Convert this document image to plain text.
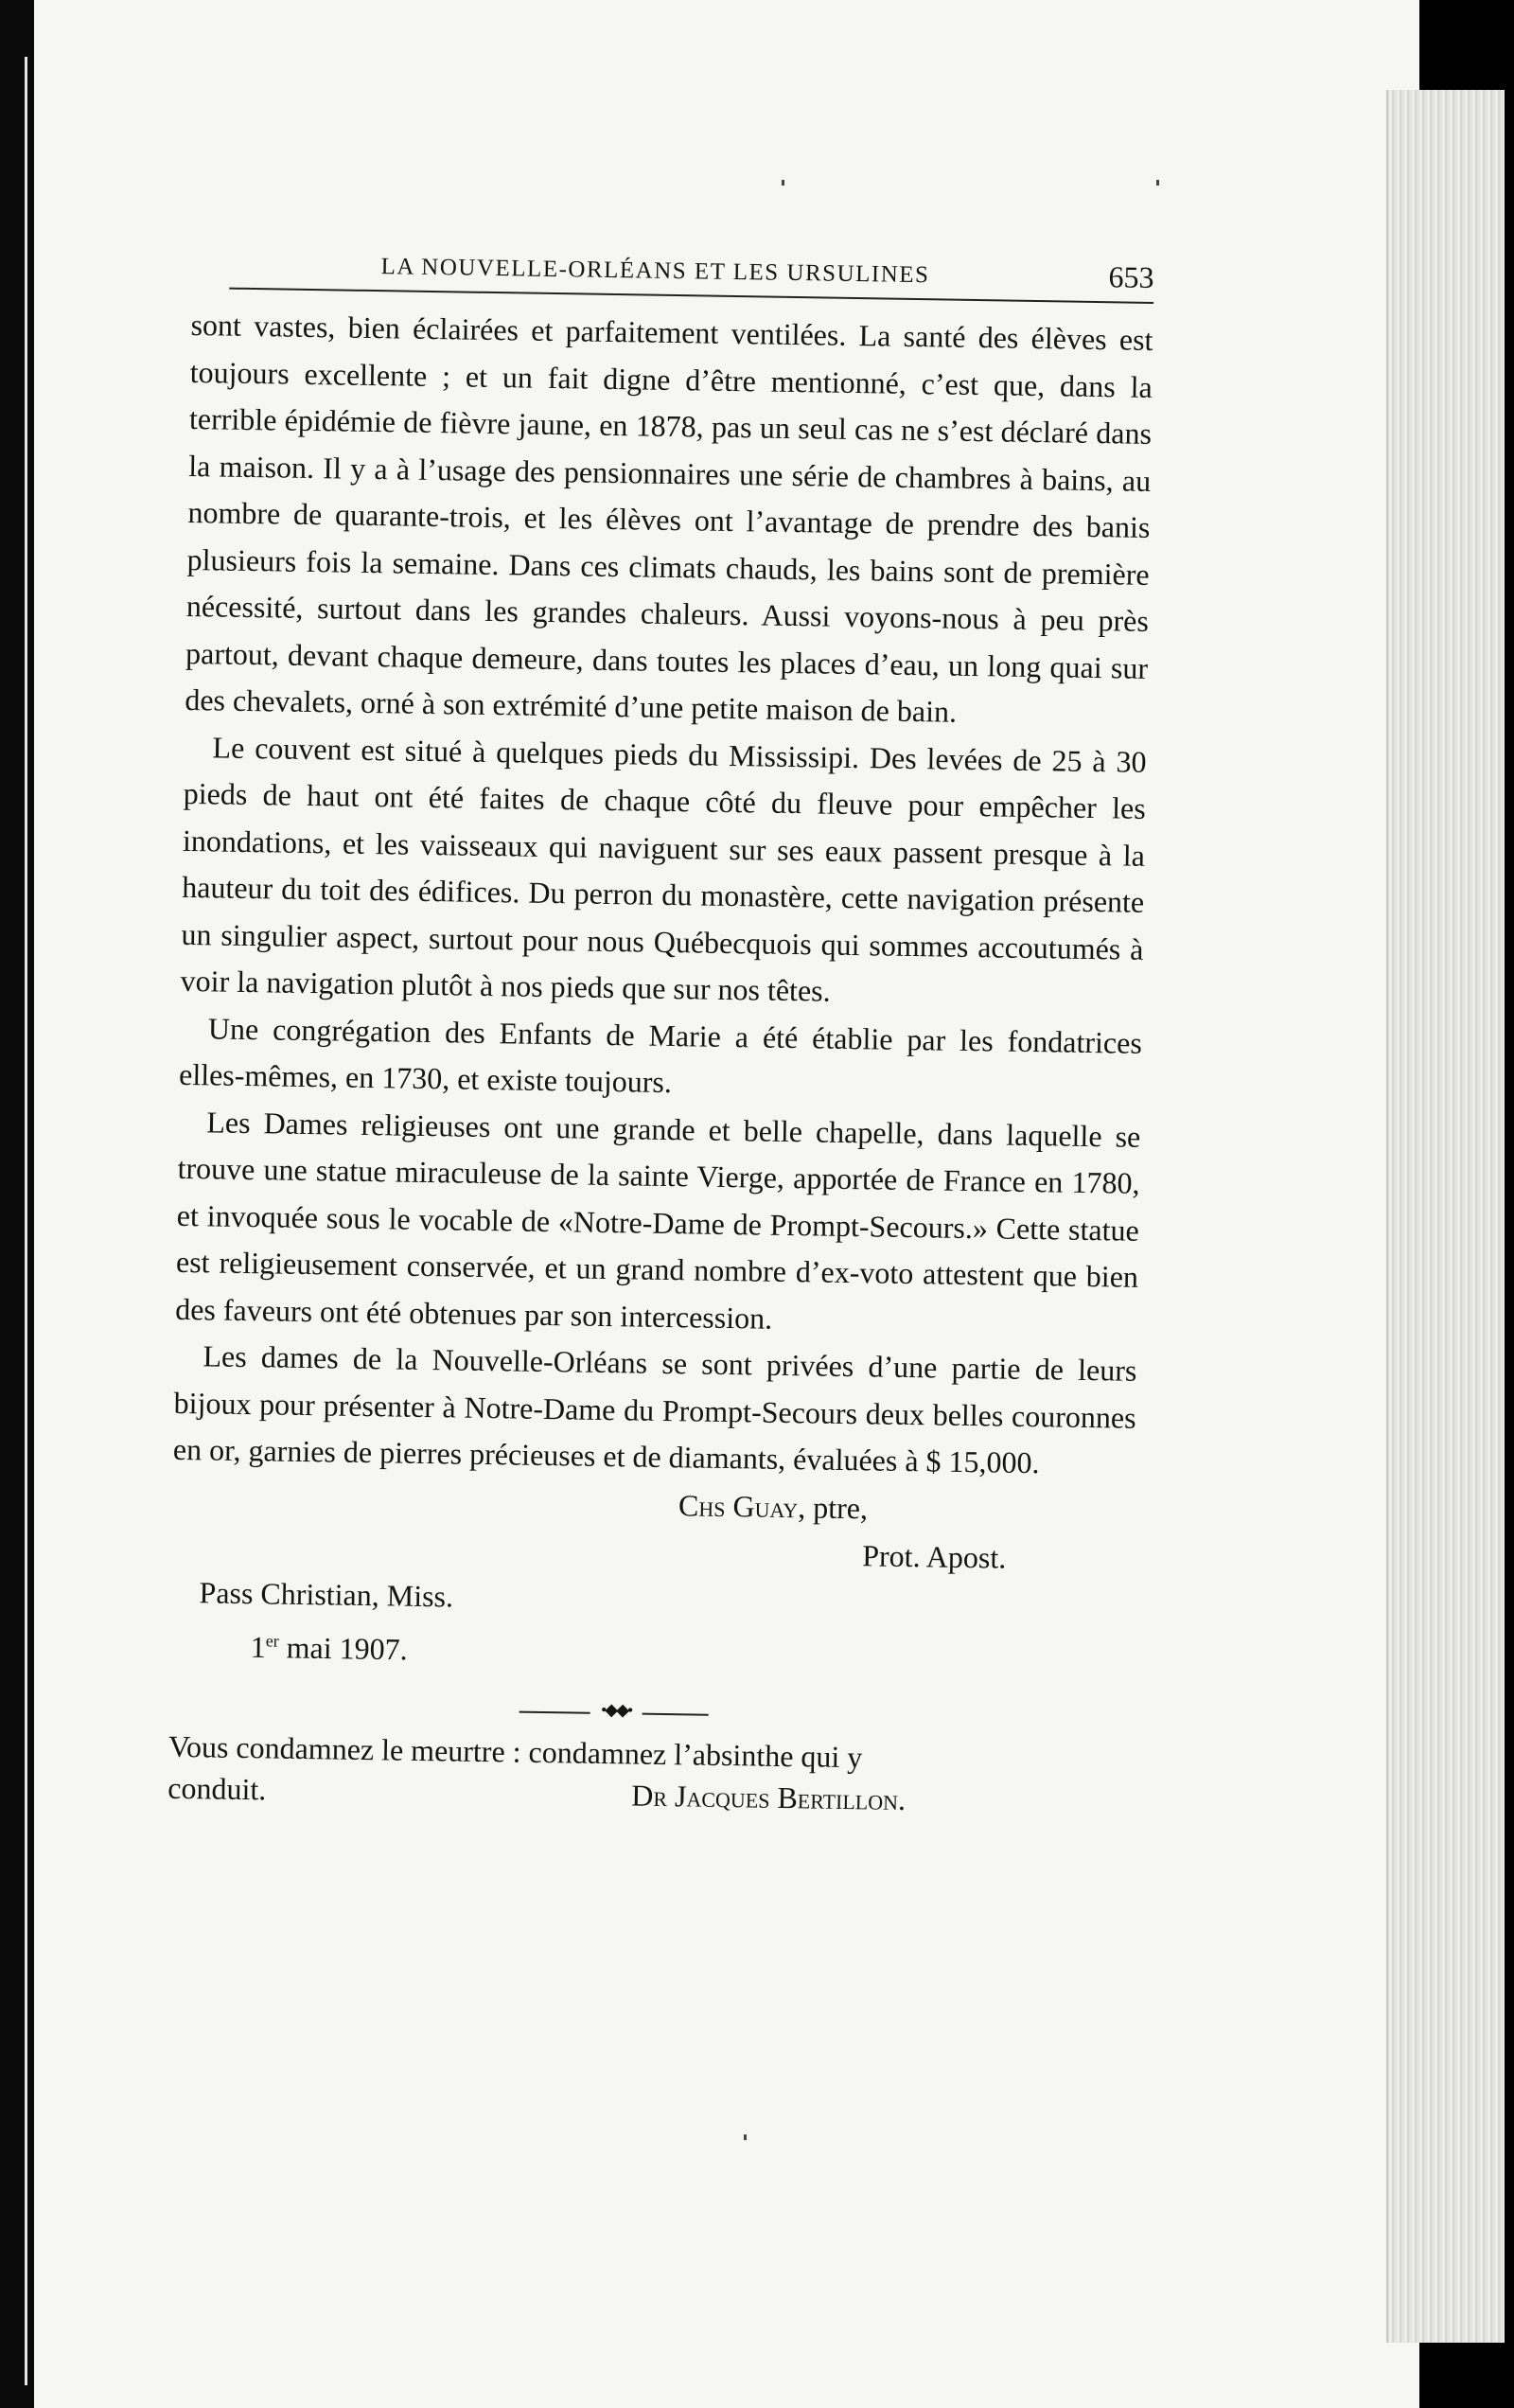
LA NOUVELLE-ORLÉANS ET LES URSULINES	653

sont vastes, bien éclairées et parfaitement ventilées. La santé des élèves est toujours excellente ; et un fait digne d’être mentionné, c’est que, dans la terrible épidémie de fièvre jaune, en 1878, pas un seul cas ne s’est déclaré dans la maison. Il y a à l’usage des pensionnaires une série de chambres à bains, au nombre de quarante-trois, et les élèves ont l’avantage de prendre des banis plusieurs fois la semaine. Dans ces climats chauds, les bains sont de première nécessité, surtout dans les grandes chaleurs. Aussi voyons-nous à peu près partout, devant chaque demeure, dans toutes les places d’eau, un long quai sur des chevalets, orné à son extrémité d’une petite maison de bain.

Le couvent est situé à quelques pieds du Mississipi. Des levées de 25 à 30 pieds de haut ont été faites de chaque côté du fleuve pour empêcher les inondations, et les vaisseaux qui naviguent sur ses eaux passent presque à la hauteur du toit des édifices. Du perron du monastère, cette navigation présente un singulier aspect, surtout pour nous Québecquois qui sommes accoutumés à voir la navigation plutôt à nos pieds que sur nos têtes.

Une congrégation des Enfants de Marie a été établie par les fondatrices elles-mêmes, en 1730, et existe toujours.

Les Dames religieuses ont une grande et belle chapelle, dans laquelle se trouve une statue miraculeuse de la sainte Vierge, apportée de France en 1780, et invoquée sous le vocable de «Notre-Dame de Prompt-Secours.» Cette statue est religieusement conservée, et un grand nombre d’ex-voto attestent que bien des faveurs ont été obtenues par son intercession.

Les dames de la Nouvelle-Orléans se sont privées d’une partie de leurs bijoux pour présenter à Notre-Dame du Prompt-Secours deux belles couronnes en or, garnies de pierres précieuses et de diamants, évaluées à $ 15,000.

Chs Guay, ptre,
Prot. Apost.
Pass Christian, Miss.
1er mai 1907.
•◆◆•
Vous condamnez le meurtre : condamnez l’absinthe qui y
conduit.	Dr Jacques Bertillon.
